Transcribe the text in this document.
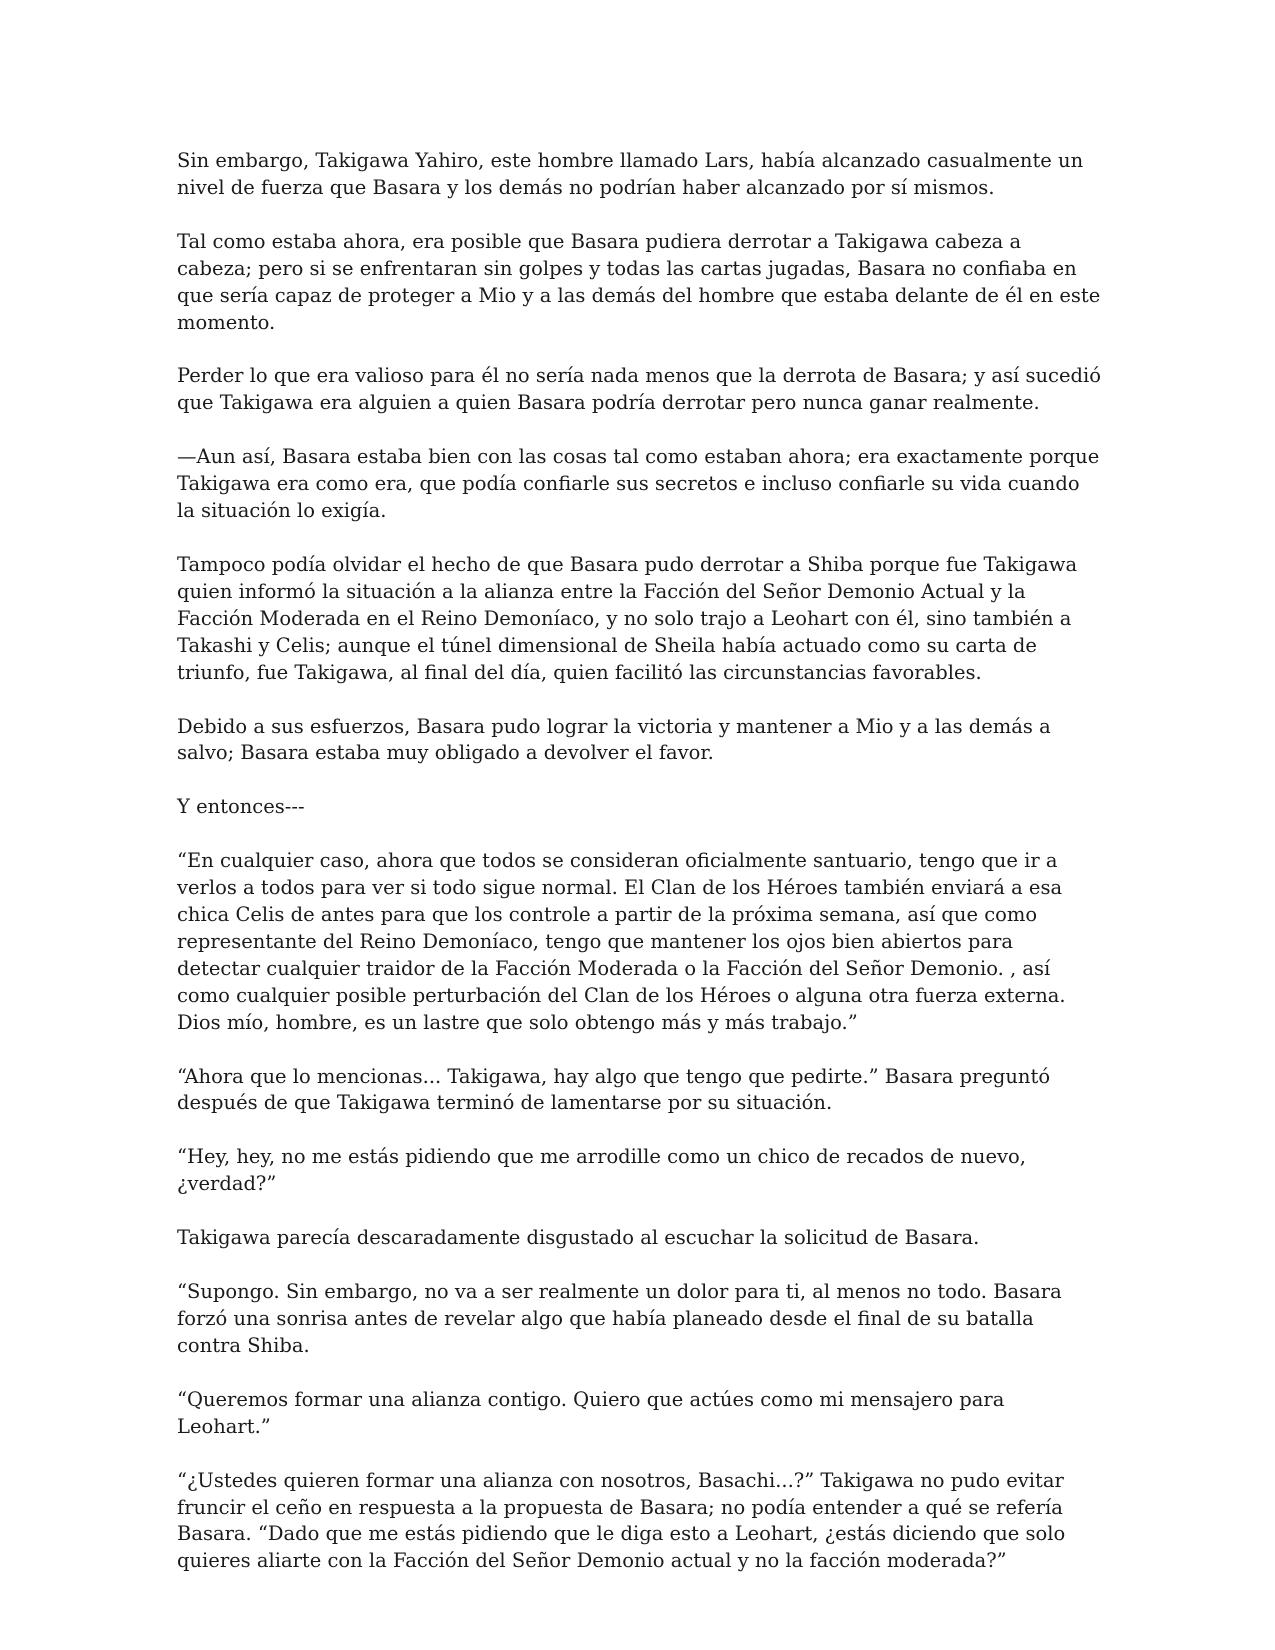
Sin embargo, Takigawa Yahiro, este hombre llamado Lars, había alcanzado casualmente un nivel de fuerza que Basara y los demás no podrían haber alcanzado por sí mismos.

Tal como estaba ahora, era posible que Basara pudiera derrotar a Takigawa cabeza a cabeza; pero si se enfrentaran sin golpes y todas las cartas jugadas, Basara no confiaba en que sería capaz de proteger a Mio y a las demás del hombre que estaba delante de él en este momento.

Perder lo que era valioso para él no sería nada menos que la derrota de Basara; y así sucedió que Takigawa era alguien a quien Basara podría derrotar pero nunca ganar realmente.

—Aun así, Basara estaba bien con las cosas tal como estaban ahora; era exactamente porque Takigawa era como era, que podía confiarle sus secretos e incluso confiarle su vida cuando la situación lo exigía.

Tampoco podía olvidar el hecho de que Basara pudo derrotar a Shiba porque fue Takigawa quien informó la situación a la alianza entre la Facción del Señor Demonio Actual y la Facción Moderada en el Reino Demoníaco, y no solo trajo a Leohart con él, sino también a Takashi y Celis; aunque el túnel dimensional de Sheila había actuado como su carta de triunfo, fue Takigawa, al final del día, quien facilitó las circunstancias favorables.

Debido a sus esfuerzos, Basara pudo lograr la victoria y mantener a Mio y a las demás a salvo; Basara estaba muy obligado a devolver el favor.

Y entonces---

“En cualquier caso, ahora que todos se consideran oficialmente santuario, tengo que ir a verlos a todos para ver si todo sigue normal. El Clan de los Héroes también enviará a esa chica Celis de antes para que los controle a partir de la próxima semana, así que como representante del Reino Demoníaco, tengo que mantener los ojos bien abiertos para detectar cualquier traidor de la Facción Moderada o la Facción del Señor Demonio. , así como cualquier posible perturbación del Clan de los Héroes o alguna otra fuerza externa. Dios mío, hombre, es un lastre que solo obtengo más y más trabajo.”

“Ahora que lo mencionas... Takigawa, hay algo que tengo que pedirte.” Basara preguntó después de que Takigawa terminó de lamentarse por su situación.

“Hey, hey, no me estás pidiendo que me arrodille como un chico de recados de nuevo, ¿verdad?”

Takigawa parecía descaradamente disgustado al escuchar la solicitud de Basara.

“Supongo. Sin embargo, no va a ser realmente un dolor para ti, al menos no todo. Basara forzó una sonrisa antes de revelar algo que había planeado desde el final de su batalla contra Shiba.

“Queremos formar una alianza contigo. Quiero que actúes como mi mensajero para Leohart.”

“¿Ustedes quieren formar una alianza con nosotros, Basachi...?” Takigawa no pudo evitar fruncir el ceño en respuesta a la propuesta de Basara; no podía entender a qué se refería Basara. “Dado que me estás pidiendo que le diga esto a Leohart, ¿estás diciendo que solo quieres aliarte con la Facción del Señor Demonio actual y no la facción moderada?”
